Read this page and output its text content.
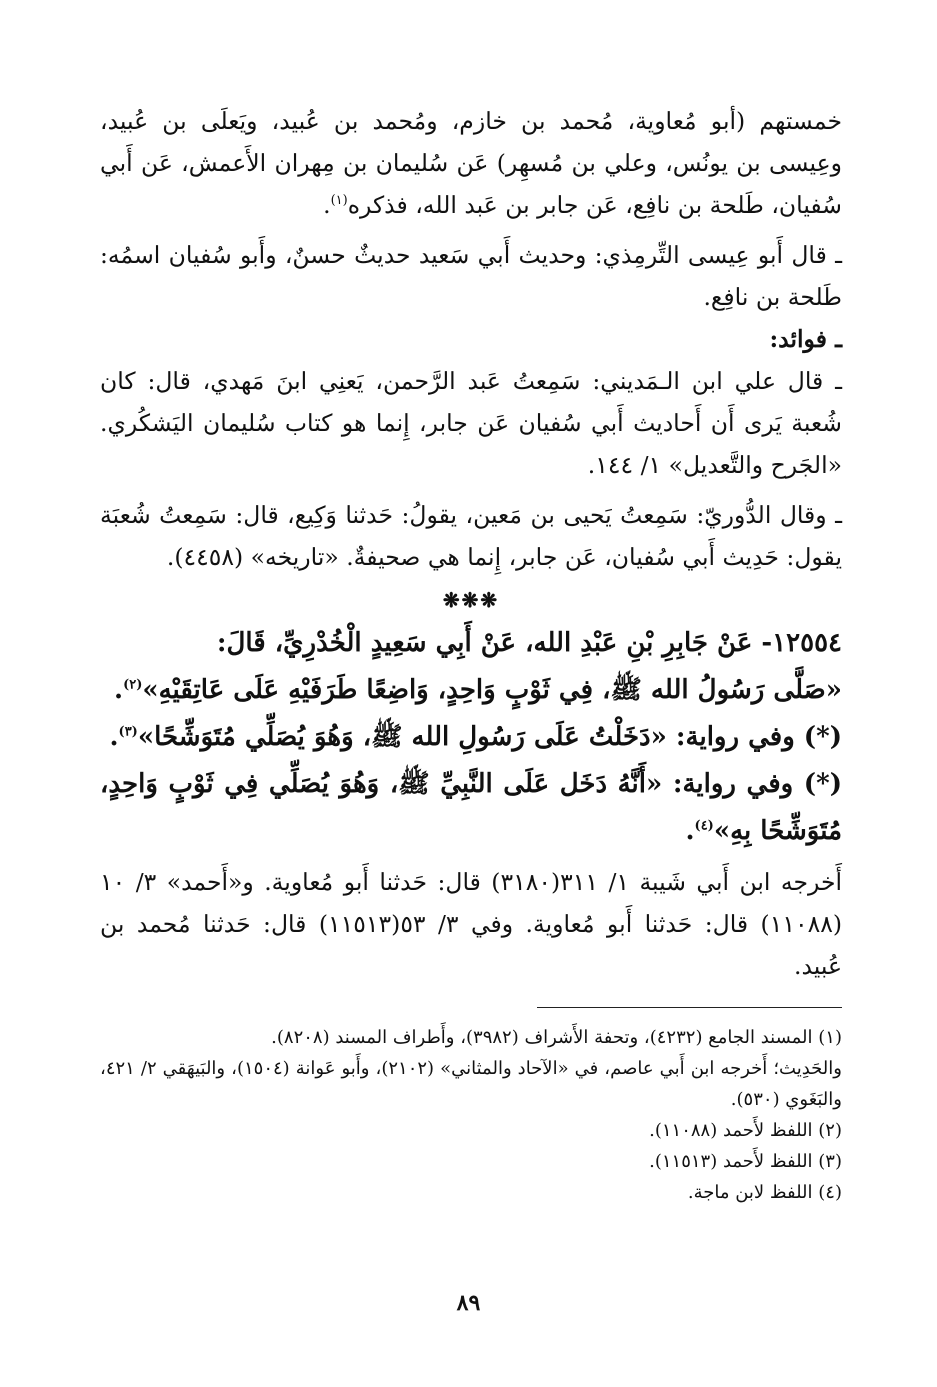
خمستهم (أبو مُعاوية، مُحمد بن خازم، ومُحمد بن عُبيد، ويَعلَى بن عُبيد، وعِيسى بن يونُس، وعلي بن مُسهِر) عَن سُليمان بن مِهران الأَعمش، عَن أَبي سُفيان، طَلحة بن نافِع، عَن جابر بن عَبد الله، فذكره$^{(١)}$.

ـ قال أَبو عِيسى التِّرمِذي: وحديث أَبي سَعيد حديثٌ حسنٌ، وأَبو سُفيان اسمُه: طَلحة بن نافِع.

ـ فوائد:

ـ قال علي ابن الـمَديني: سَمِعتُ عَبد الرَّحمن، يَعنِي ابنَ مَهدي، قال: كان شُعبة يَرى أَن أَحاديث أَبي سُفيان عَن جابر، إِنما هو كتاب سُليمان اليَشكُري. «الجَرح والتَّعديل» ١/ ١٤٤.

ـ وقال الدُّوريّ: سَمِعتُ يَحيى بن مَعين، يقولُ: حَدثنا وَكِيع، قال: سَمِعتُ شُعبَة يقول: حَدِيث أَبي سُفيان، عَن جابر، إِنما هي صحيفةٌ. «تاريخه» (٤٤٥٨).

❋❋❋

١٢٥٥٤- عَنْ جَابِرِ بْنِ عَبْدِ الله، عَنْ أَبِي سَعِيدٍ الْخُدْرِيِّ، قَالَ:

«صَلَّى رَسُولُ الله ﷺ، فِي ثَوْبٍ وَاحِدٍ، وَاضِعًا طَرَفَيْهِ عَلَى عَاتِقَيْهِ»$^{(٢)}$.

(*) وفي رواية: «دَخَلْتُ عَلَى رَسُولِ الله ﷺ، وَهُوَ يُصَلِّي مُتَوَشِّحًا»$^{(٣)}$.

(*) وفي رواية: «أَنَّهُ دَخَل عَلَى النَّبِيِّ ﷺ، وَهُوَ يُصَلِّي فِي ثَوْبٍ وَاحِدٍ، مُتَوَشِّحًا بِهِ»$^{(٤)}$.

أَخرجه ابن أَبي شَيبة ١/ ٣١١(٣١٨٠) قال: حَدثنا أَبو مُعاوية. و«أَحمد» ٣/ ١٠ (١١٠٨٨) قال: حَدثنا أَبو مُعاوية. وفي ٣/ ٥٣(١١٥١٣) قال: حَدثنا مُحمد بن عُبيد.

(١) المسند الجامع (٤٢٣٢)، وتحفة الأَشراف (٣٩٨٢)، وأَطراف المسند (٨٢٠٨).

والحَدِيث؛ أَخرجه ابن أَبي عاصم، في «الآحاد والمثاني» (٢١٠٢)، وأَبو عَوانة (١٥٠٤)، والبَيهَقي ٢/ ٤٢١، والبَغَوي (٥٣٠).

(٢) اللفظ لأَحمد (١١٠٨٨).

(٣) اللفظ لأَحمد (١١٥١٣).

(٤) اللفظ لابن ماجة.

٨٩
